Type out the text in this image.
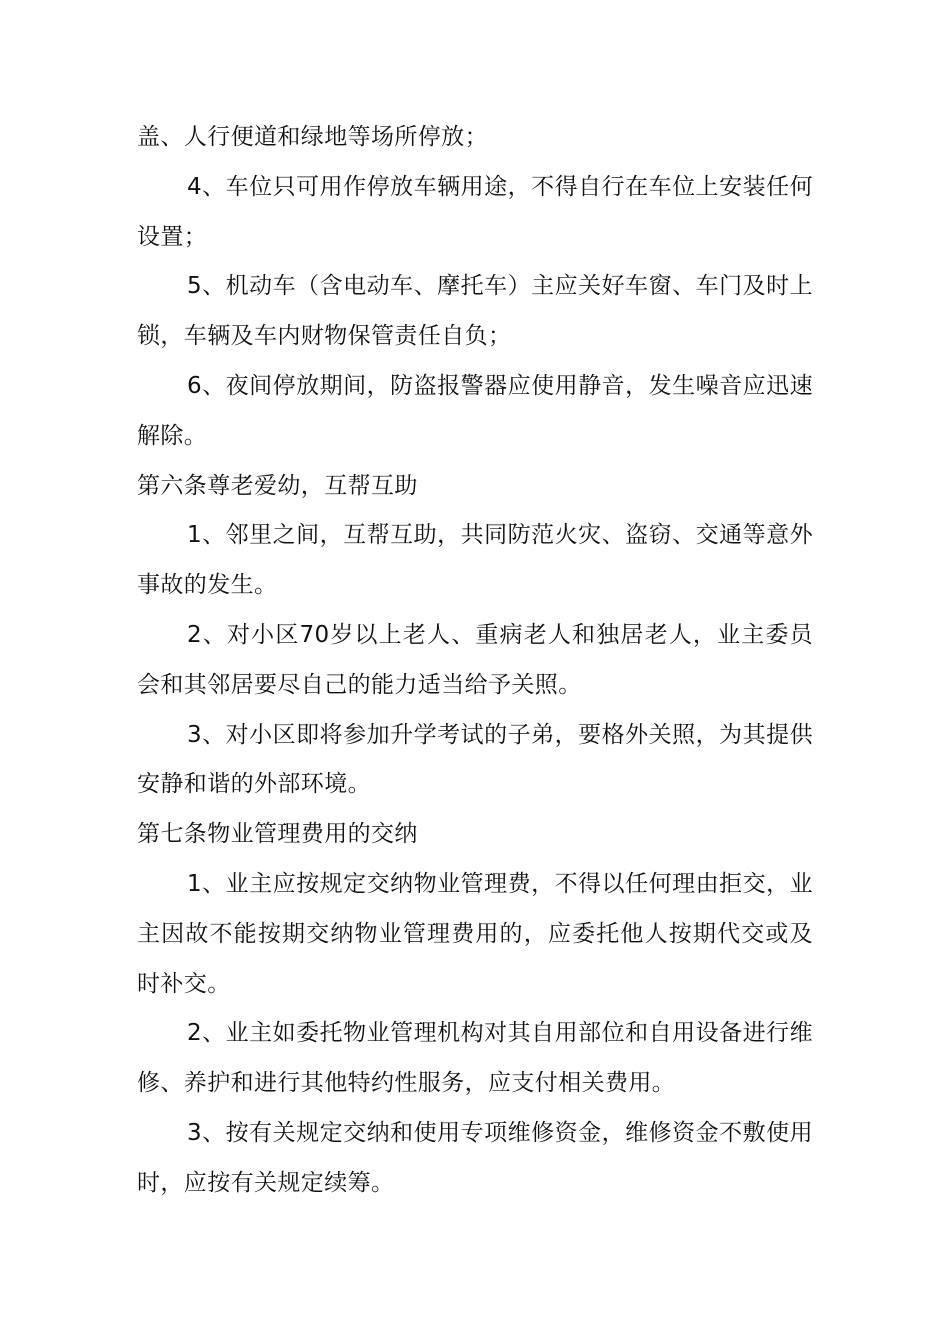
盖、人行便道和绿地等场所停放；

4、车位只可用作停放车辆用途，不得自行在车位上安装任何设置；

5、机动车（含电动车、摩托车）主应关好车窗、车门及时上锁，车辆及车内财物保管责任自负；

6、夜间停放期间，防盗报警器应使用静音，发生噪音应迅速解除。

第六条尊老爱幼，互帮互助

1、邻里之间，互帮互助，共同防范火灾、盗窃、交通等意外事故的发生。

2、对小区70岁以上老人、重病老人和独居老人，业主委员会和其邻居要尽自己的能力适当给予关照。

3、对小区即将参加升学考试的子弟，要格外关照，为其提供安静和谐的外部环境。

第七条物业管理费用的交纳

1、业主应按规定交纳物业管理费，不得以任何理由拒交，业主因故不能按期交纳物业管理费用的，应委托他人按期代交或及时补交。

2、业主如委托物业管理机构对其自用部位和自用设备进行维修、养护和进行其他特约性服务，应支付相关费用。

3、按有关规定交纳和使用专项维修资金，维修资金不敷使用时，应按有关规定续筹。
